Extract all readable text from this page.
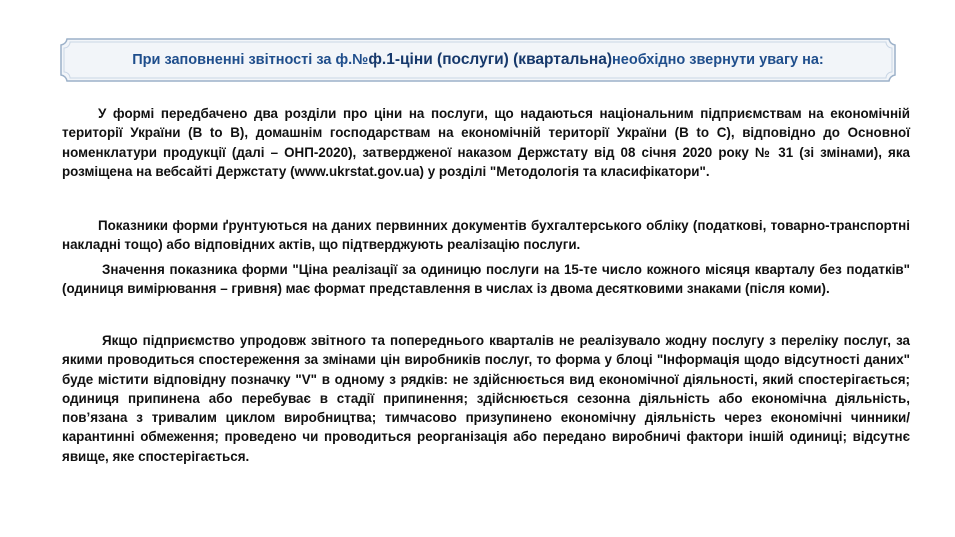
При заповненні звітності за ф.№ ф.1-ціни (послуги) (квартальна) необхідно звернути увагу на:

У формі передбачено два розділи про ціни на послуги, що надаються національним підприємствам на економічній території України (B to B), домашнім господарствам на економічній території України (B to C), відповідно до Основної номенклатури продукції (далі – ОНП-2020), затвердженої наказом Держстату від 08 січня 2020 року № 31 (зі змінами), яка розміщена на вебсайті Держстату (www.ukrstat.gov.ua) у розділі "Методологія та класифікатори".

Показники форми ґрунтуються на даних первинних документів бухгалтерського обліку (податкові, товарно-транспортні накладні тощо) або відповідних актів, що підтверджують реалізацію послуги.

Значення показника форми "Ціна реалізації за одиницю послуги на 15-те число кожного місяця кварталу без податків" (одиниця вимірювання – гривня) має формат представлення в числах із двома десятковими знаками (після коми).

Якщо підприємство упродовж звітного та попереднього кварталів не реалізувало жодну послугу з переліку послуг, за якими проводиться спостереження за змінами цін виробників послуг, то форма у блоці "Інформація щодо відсутності даних" буде містити відповідну позначку "V" в одному з рядків: не здійснюється вид економічної діяльності, який спостерігається; одиниця припинена або перебуває в стадії припинення; здійснюється сезонна діяльність або економічна діяльність, пов’язана з тривалим циклом виробництва; тимчасово призупинено економічну діяльність через економічні чинники/карантинні обмеження; проведено чи проводиться реорганізація або передано виробничі фактори іншій одиниці; відсутнє явище, яке спостерігається.
